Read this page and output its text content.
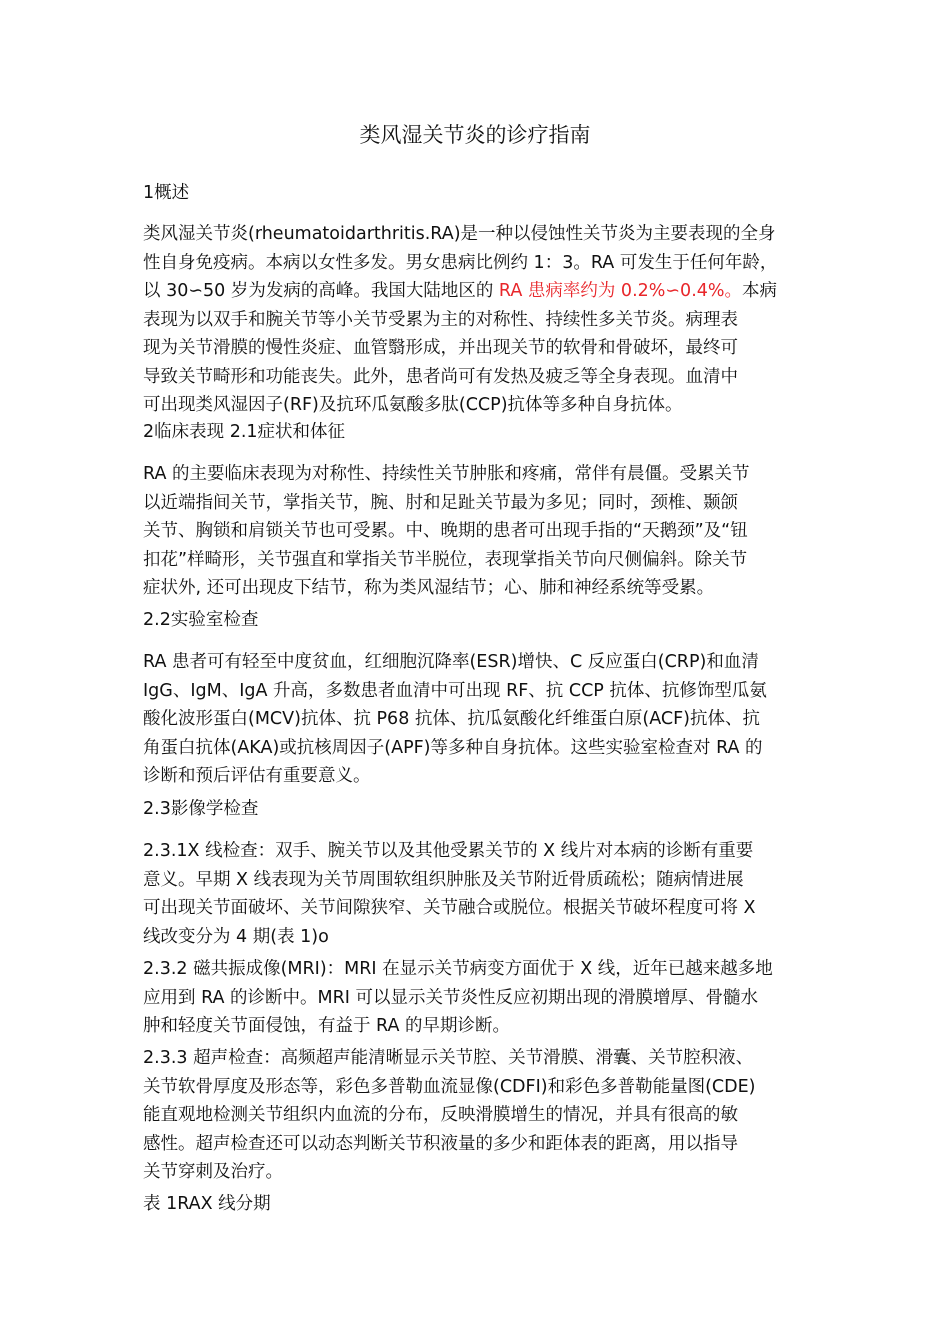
类风湿关节炎的诊疗指南
1概述
类风湿关节炎(rheumatoidarthritis.RA)是一种以侵蚀性关节炎为主要表现的全身
性自身免疫病。本病以女性多发。男女患病比例约 1：3。RA 可发生于任何年龄，
以 30∽50 岁为发病的高峰。我国大陆地区的 RA 患病率约为 0.2%∽0.4%。本病
表现为以双手和腕关节等小关节受累为主的对称性、持续性多关节炎。病理表
现为关节滑膜的慢性炎症、血管翳形成，并出现关节的软骨和骨破坏，最终可
导致关节畸形和功能丧失。此外，患者尚可有发热及疲乏等全身表现。血清中
可出现类风湿因子(RF)及抗环瓜氨酸多肽(CCP)抗体等多种自身抗体。
2临床表现 2.1症状和体征
RA 的主要临床表现为对称性、持续性关节肿胀和疼痛，常伴有晨僵。受累关节
以近端指间关节，掌指关节，腕、肘和足趾关节最为多见；同时，颈椎、颞颌
关节、胸锁和肩锁关节也可受累。中、晚期的患者可出现手指的“天鹅颈”及“钮
扣花”样畸形，关节强直和掌指关节半脱位，表现掌指关节向尺侧偏斜。除关节
症状外, 还可出现皮下结节，称为类风湿结节；心、肺和神经系统等受累。
2.2实验室检查
RA 患者可有轻至中度贫血，红细胞沉降率(ESR)增快、C 反应蛋白(CRP)和血清
IgG、IgM、IgA 升高，多数患者血清中可出现 RF、抗 CCP 抗体、抗修饰型瓜氨
酸化波形蛋白(MCV)抗体、抗 P68 抗体、抗瓜氨酸化纤维蛋白原(ACF)抗体、抗
角蛋白抗体(AKA)或抗核周因子(APF)等多种自身抗体。这些实验室检查对 RA 的
诊断和预后评估有重要意义。
2.3影像学检查
2.3.1X 线检查：双手、腕关节以及其他受累关节的 X 线片对本病的诊断有重要
意义。早期 X 线表现为关节周围软组织肿胀及关节附近骨质疏松；随病情进展
可出现关节面破坏、关节间隙狭窄、关节融合或脱位。根据关节破坏程度可将 X
线改变分为 4 期(表 1)o
2.3.2 磁共振成像(MRI)：MRI 在显示关节病变方面优于 X 线，近年已越来越多地
应用到 RA 的诊断中。MRI 可以显示关节炎性反应初期出现的滑膜增厚、骨髓水
肿和轻度关节面侵蚀，有益于 RA 的早期诊断。
2.3.3 超声检查：高频超声能清晰显示关节腔、关节滑膜、滑囊、关节腔积液、
关节软骨厚度及形态等，彩色多普勒血流显像(CDFI)和彩色多普勒能量图(CDE)
能直观地检测关节组织内血流的分布，反映滑膜增生的情况，并具有很高的敏
感性。超声检查还可以动态判断关节积液量的多少和距体表的距离，用以指导
关节穿刺及治疗。
表 1RAX 线分期
